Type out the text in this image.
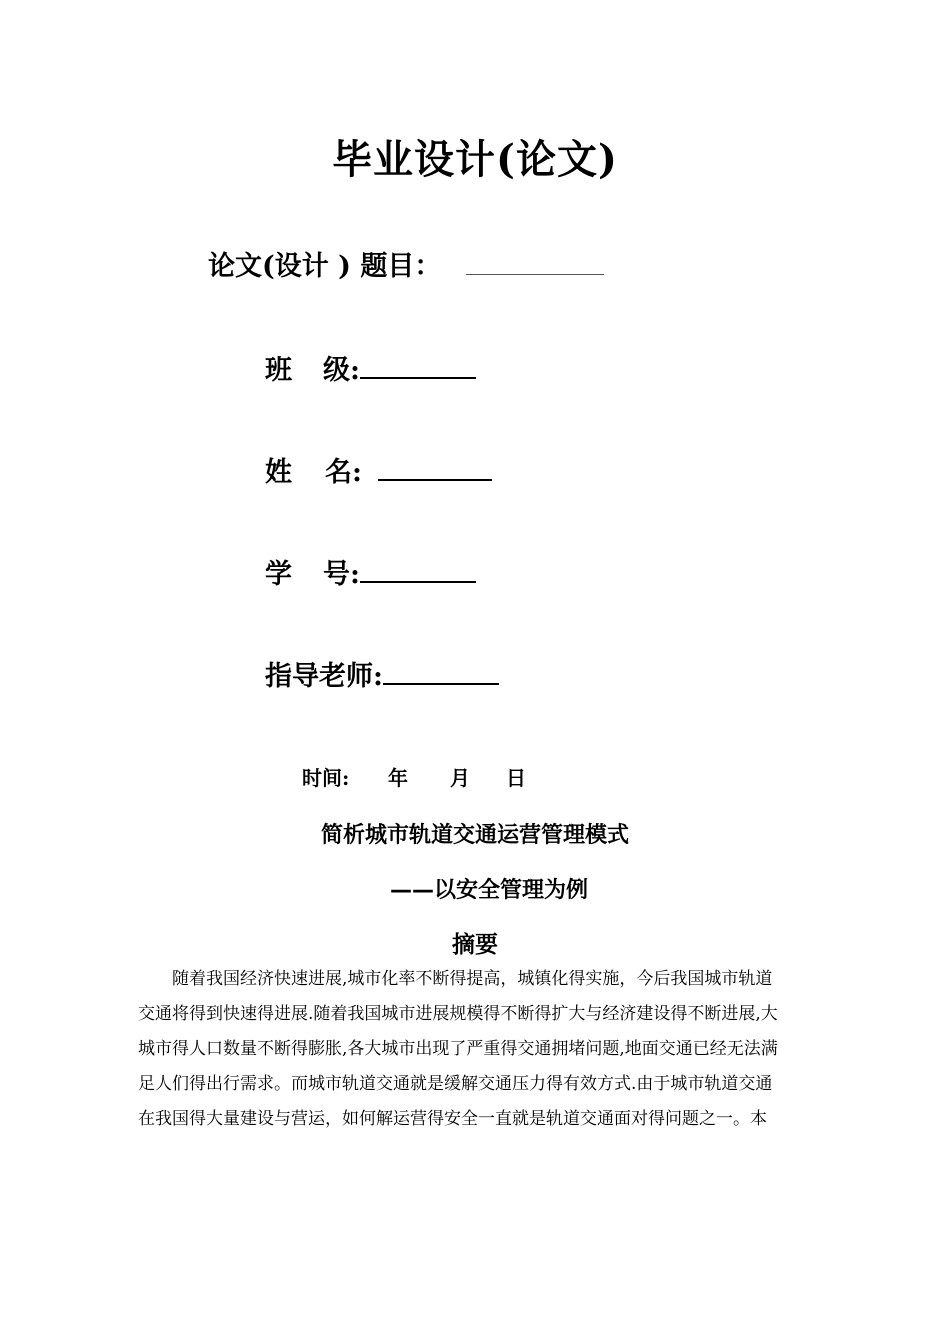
毕业设计(论文)
论文(设计 ) 题目：
班 级:
姓 名:
学 号:
指导老师:
时间: 年 月 日
简析城市轨道交通运营管理模式
——以安全管理为例
摘要
随着我国经济快速进展,城市化率不断得提高，城镇化得实施，今后我国城市轨道
交通将得到快速得进展.随着我国城市进展规模得不断得扩大与经济建设得不断进展,大
城市得人口数量不断得膨胀,各大城市出现了严重得交通拥堵问题,地面交通已经无法满
足人们得出行需求。而城市轨道交通就是缓解交通压力得有效方式.由于城市轨道交通
在我国得大量建设与营运，如何解运营得安全一直就是轨道交通面对得问题之一。本
